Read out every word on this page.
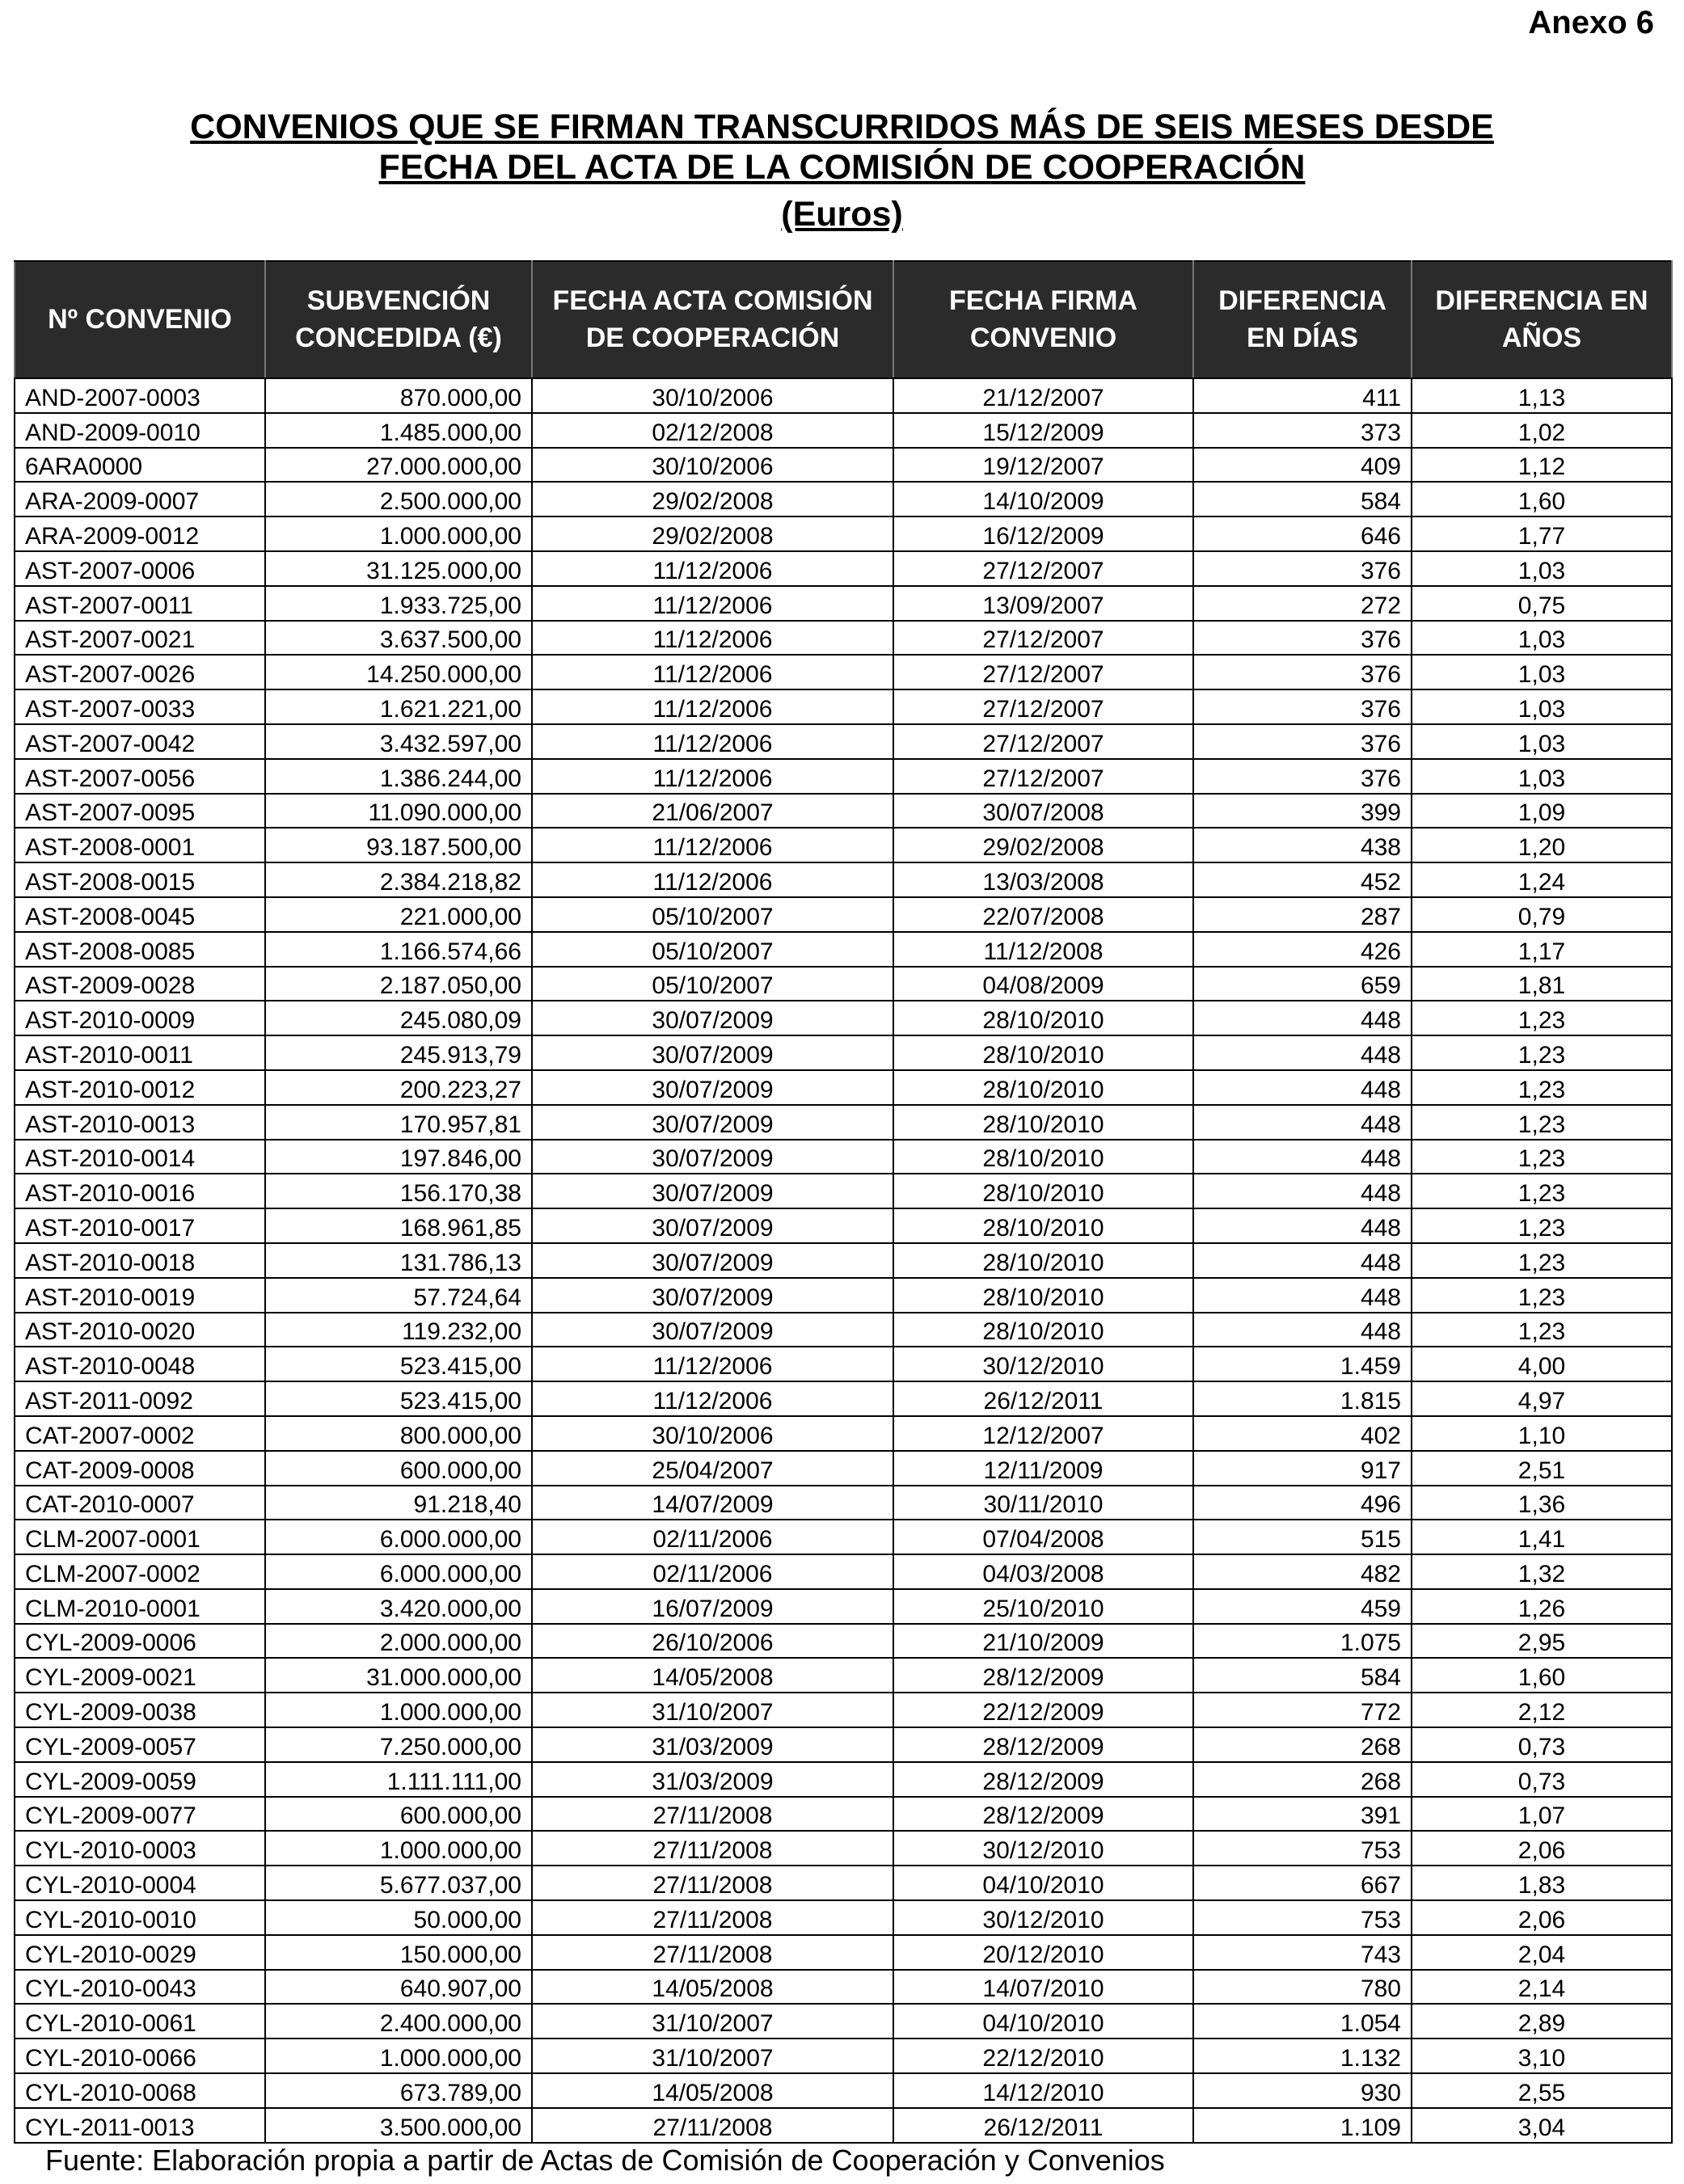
Anexo 6
CONVENIOS QUE SE FIRMAN TRANSCURRIDOS MÁS DE SEIS MESES DESDE
FECHA DEL ACTA DE LA COMISIÓN DE COOPERACIÓN
(Euros)
Nº CONVENIO	SUBVENCIÓN CONCEDIDA (€)	FECHA ACTA COMISIÓN DE COOPERACIÓN	FECHA FIRMA CONVENIO	DIFERENCIA EN DÍAS	DIFERENCIA EN AÑOS
AND-2007-0003	870.000,00	30/10/2006	21/12/2007	411	1,13
AND-2009-0010	1.485.000,00	02/12/2008	15/12/2009	373	1,02
6ARA0000	27.000.000,00	30/10/2006	19/12/2007	409	1,12
ARA-2009-0007	2.500.000,00	29/02/2008	14/10/2009	584	1,60
ARA-2009-0012	1.000.000,00	29/02/2008	16/12/2009	646	1,77
AST-2007-0006	31.125.000,00	11/12/2006	27/12/2007	376	1,03
AST-2007-0011	1.933.725,00	11/12/2006	13/09/2007	272	0,75
AST-2007-0021	3.637.500,00	11/12/2006	27/12/2007	376	1,03
AST-2007-0026	14.250.000,00	11/12/2006	27/12/2007	376	1,03
AST-2007-0033	1.621.221,00	11/12/2006	27/12/2007	376	1,03
AST-2007-0042	3.432.597,00	11/12/2006	27/12/2007	376	1,03
AST-2007-0056	1.386.244,00	11/12/2006	27/12/2007	376	1,03
AST-2007-0095	11.090.000,00	21/06/2007	30/07/2008	399	1,09
AST-2008-0001	93.187.500,00	11/12/2006	29/02/2008	438	1,20
AST-2008-0015	2.384.218,82	11/12/2006	13/03/2008	452	1,24
AST-2008-0045	221.000,00	05/10/2007	22/07/2008	287	0,79
AST-2008-0085	1.166.574,66	05/10/2007	11/12/2008	426	1,17
AST-2009-0028	2.187.050,00	05/10/2007	04/08/2009	659	1,81
AST-2010-0009	245.080,09	30/07/2009	28/10/2010	448	1,23
AST-2010-0011	245.913,79	30/07/2009	28/10/2010	448	1,23
AST-2010-0012	200.223,27	30/07/2009	28/10/2010	448	1,23
AST-2010-0013	170.957,81	30/07/2009	28/10/2010	448	1,23
AST-2010-0014	197.846,00	30/07/2009	28/10/2010	448	1,23
AST-2010-0016	156.170,38	30/07/2009	28/10/2010	448	1,23
AST-2010-0017	168.961,85	30/07/2009	28/10/2010	448	1,23
AST-2010-0018	131.786,13	30/07/2009	28/10/2010	448	1,23
AST-2010-0019	57.724,64	30/07/2009	28/10/2010	448	1,23
AST-2010-0020	119.232,00	30/07/2009	28/10/2010	448	1,23
AST-2010-0048	523.415,00	11/12/2006	30/12/2010	1.459	4,00
AST-2011-0092	523.415,00	11/12/2006	26/12/2011	1.815	4,97
CAT-2007-0002	800.000,00	30/10/2006	12/12/2007	402	1,10
CAT-2009-0008	600.000,00	25/04/2007	12/11/2009	917	2,51
CAT-2010-0007	91.218,40	14/07/2009	30/11/2010	496	1,36
CLM-2007-0001	6.000.000,00	02/11/2006	07/04/2008	515	1,41
CLM-2007-0002	6.000.000,00	02/11/2006	04/03/2008	482	1,32
CLM-2010-0001	3.420.000,00	16/07/2009	25/10/2010	459	1,26
CYL-2009-0006	2.000.000,00	26/10/2006	21/10/2009	1.075	2,95
CYL-2009-0021	31.000.000,00	14/05/2008	28/12/2009	584	1,60
CYL-2009-0038	1.000.000,00	31/10/2007	22/12/2009	772	2,12
CYL-2009-0057	7.250.000,00	31/03/2009	28/12/2009	268	0,73
CYL-2009-0059	1.111.111,00	31/03/2009	28/12/2009	268	0,73
CYL-2009-0077	600.000,00	27/11/2008	28/12/2009	391	1,07
CYL-2010-0003	1.000.000,00	27/11/2008	30/12/2010	753	2,06
CYL-2010-0004	5.677.037,00	27/11/2008	04/10/2010	667	1,83
CYL-2010-0010	50.000,00	27/11/2008	30/12/2010	753	2,06
CYL-2010-0029	150.000,00	27/11/2008	20/12/2010	743	2,04
CYL-2010-0043	640.907,00	14/05/2008	14/07/2010	780	2,14
CYL-2010-0061	2.400.000,00	31/10/2007	04/10/2010	1.054	2,89
CYL-2010-0066	1.000.000,00	31/10/2007	22/12/2010	1.132	3,10
CYL-2010-0068	673.789,00	14/05/2008	14/12/2010	930	2,55
CYL-2011-0013	3.500.000,00	27/11/2008	26/12/2011	1.109	3,04
Fuente: Elaboración propia a partir de Actas de Comisión de Cooperación y Convenios
